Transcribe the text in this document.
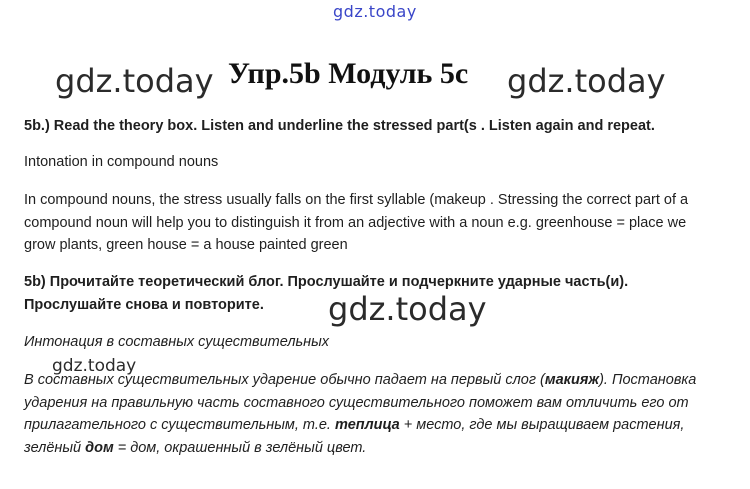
gdz.today
gdz.today Упр.5b Модуль 5c gdz.today
5b.) Read the theory box. Listen and underline the stressed part(s . Listen again and repeat.
Intonation in compound nouns
In compound nouns, the stress usually falls on the first syllable (makeup . Stressing the correct part of a
compound noun will help you to distinguish it from an adjective with a noun e.g. greenhouse = place we
grow plants, green house = a house painted green
5b) Прочитайте теоретический блог. Прослушайте и подчеркните ударные часть(и).
Прослушайте снова и повторите. gdz.today
Интонация в составных существительных
gdz.today
В составных существительных ударение обычно падает на первый слог (макияж). Постановка
ударения на правильную часть составного существительного поможет вам отличить его от
прилагательного с существительным, т.е. теплица + место, где мы выращиваем растения,
зелёный дом = дом, окрашенный в зелёный цвет.
